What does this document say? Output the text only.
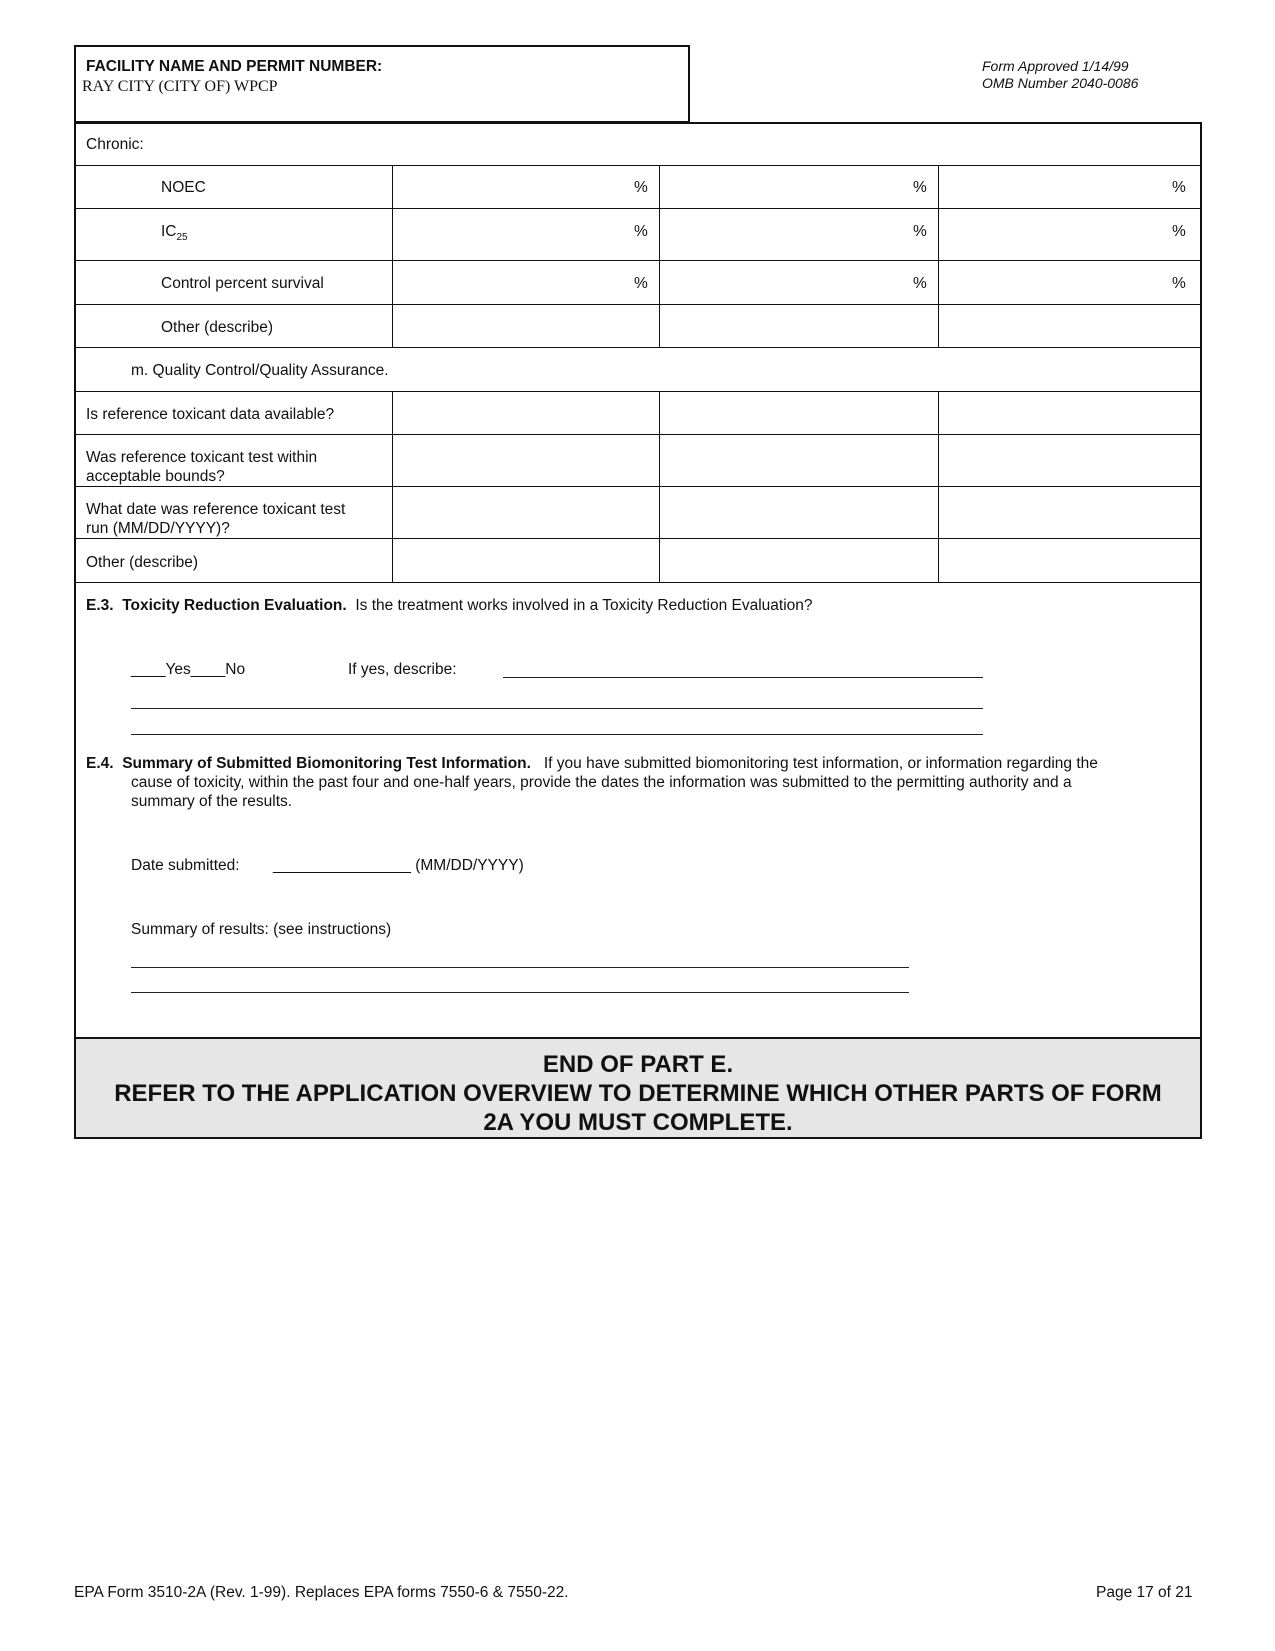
FACILITY NAME AND PERMIT NUMBER:
RAY CITY (CITY OF) WPCP
Form Approved 1/14/99
OMB Number 2040-0086
Chronic:
NOEC	%	%	%
$IC_{25}$	%	%	%
Control percent survival	%	%	%
Other (describe)
m. Quality Control/Quality Assurance.
Is reference toxicant data available?
Was reference toxicant test within
acceptable bounds?
What date was reference toxicant test
run (MM/DD/YYYY)?
Other (describe)
E.3. Toxicity Reduction Evaluation. Is the treatment works involved in a Toxicity Reduction Evaluation?
____Yes____No	If yes, describe:
E.4. Summary of Submitted Biomonitoring Test Information. If you have submitted biomonitoring test information, or information regarding the
cause of toxicity, within the past four and one-half years, provide the dates the information was submitted to the permitting authority and a
summary of the results.
Date submitted: ________________ (MM/DD/YYYY)
Summary of results: (see instructions)
END OF PART E.
REFER TO THE APPLICATION OVERVIEW TO DETERMINE WHICH OTHER PARTS OF FORM
2A YOU MUST COMPLETE.
EPA Form 3510-2A (Rev. 1-99). Replaces EPA forms 7550-6 & 7550-22.	Page 17 of 21
